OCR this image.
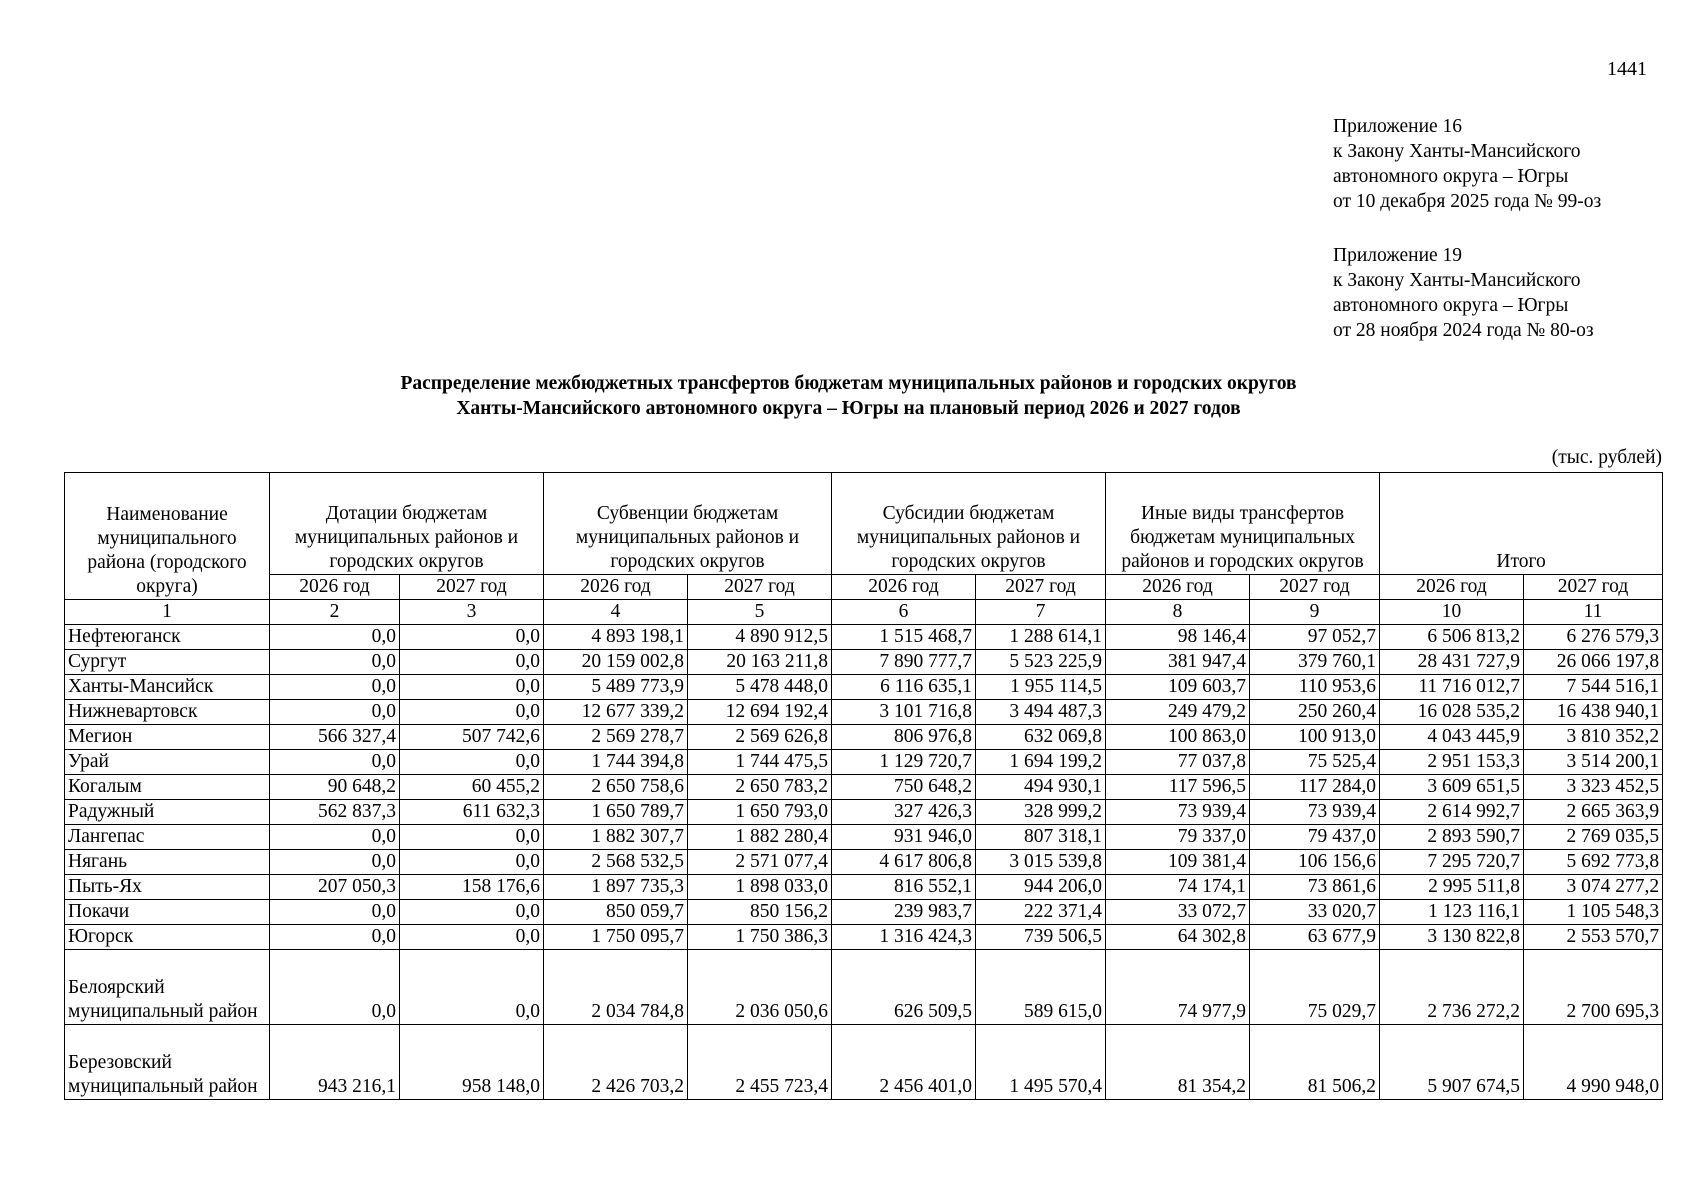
1441
Приложение 16
к Закону Ханты-Мансийского
автономного округа – Югры
от 10 декабря 2025 года № 99-оз
Приложение 19
к Закону Ханты-Мансийского
автономного округа – Югры
от 28 ноября 2024 года № 80-оз
Распределение межбюджетных трансфертов бюджетам муниципальных районов и городских округов
Ханты-Мансийского автономного округа – Югры на плановый период 2026 и 2027 годов
(тыс. рублей)
Наименование муниципального района (городского округа)	Дотации бюджетам муниципальных районов и городских округов		Субвенции бюджетам муниципальных районов и городских округов		Субсидии бюджетам муниципальных районов и городских округов		Иные виды трансфертов бюджетам муниципальных районов и городских округов		Итого	
	2026 год	2027 год	2026 год	2027 год	2026 год	2027 год	2026 год	2027 год	2026 год	2027 год
1	2	3	4	5	6	7	8	9	10	11
Нефтеюганск	0,0	0,0	4 893 198,1	4 890 912,5	1 515 468,7	1 288 614,1	98 146,4	97 052,7	6 506 813,2	6 276 579,3
Сургут	0,0	0,0	20 159 002,8	20 163 211,8	7 890 777,7	5 523 225,9	381 947,4	379 760,1	28 431 727,9	26 066 197,8
Ханты-Мансийск	0,0	0,0	5 489 773,9	5 478 448,0	6 116 635,1	1 955 114,5	109 603,7	110 953,6	11 716 012,7	7 544 516,1
Нижневартовск	0,0	0,0	12 677 339,2	12 694 192,4	3 101 716,8	3 494 487,3	249 479,2	250 260,4	16 028 535,2	16 438 940,1
Мегион	566 327,4	507 742,6	2 569 278,7	2 569 626,8	806 976,8	632 069,8	100 863,0	100 913,0	4 043 445,9	3 810 352,2
Урай	0,0	0,0	1 744 394,8	1 744 475,5	1 129 720,7	1 694 199,2	77 037,8	75 525,4	2 951 153,3	3 514 200,1
Когалым	90 648,2	60 455,2	2 650 758,6	2 650 783,2	750 648,2	494 930,1	117 596,5	117 284,0	3 609 651,5	3 323 452,5
Радужный	562 837,3	611 632,3	1 650 789,7	1 650 793,0	327 426,3	328 999,2	73 939,4	73 939,4	2 614 992,7	2 665 363,9
Лангепас	0,0	0,0	1 882 307,7	1 882 280,4	931 946,0	807 318,1	79 337,0	79 437,0	2 893 590,7	2 769 035,5
Нягань	0,0	0,0	2 568 532,5	2 571 077,4	4 617 806,8	3 015 539,8	109 381,4	106 156,6	7 295 720,7	5 692 773,8
Пыть-Ях	207 050,3	158 176,6	1 897 735,3	1 898 033,0	816 552,1	944 206,0	74 174,1	73 861,6	2 995 511,8	3 074 277,2
Покачи	0,0	0,0	850 059,7	850 156,2	239 983,7	222 371,4	33 072,7	33 020,7	1 123 116,1	1 105 548,3
Югорск	0,0	0,0	1 750 095,7	1 750 386,3	1 316 424,3	739 506,5	64 302,8	63 677,9	3 130 822,8	2 553 570,7
Белоярский муниципальный район	0,0	0,0	2 034 784,8	2 036 050,6	626 509,5	589 615,0	74 977,9	75 029,7	2 736 272,2	2 700 695,3
Березовский муниципальный район	943 216,1	958 148,0	2 426 703,2	2 455 723,4	2 456 401,0	1 495 570,4	81 354,2	81 506,2	5 907 674,5	4 990 948,0
